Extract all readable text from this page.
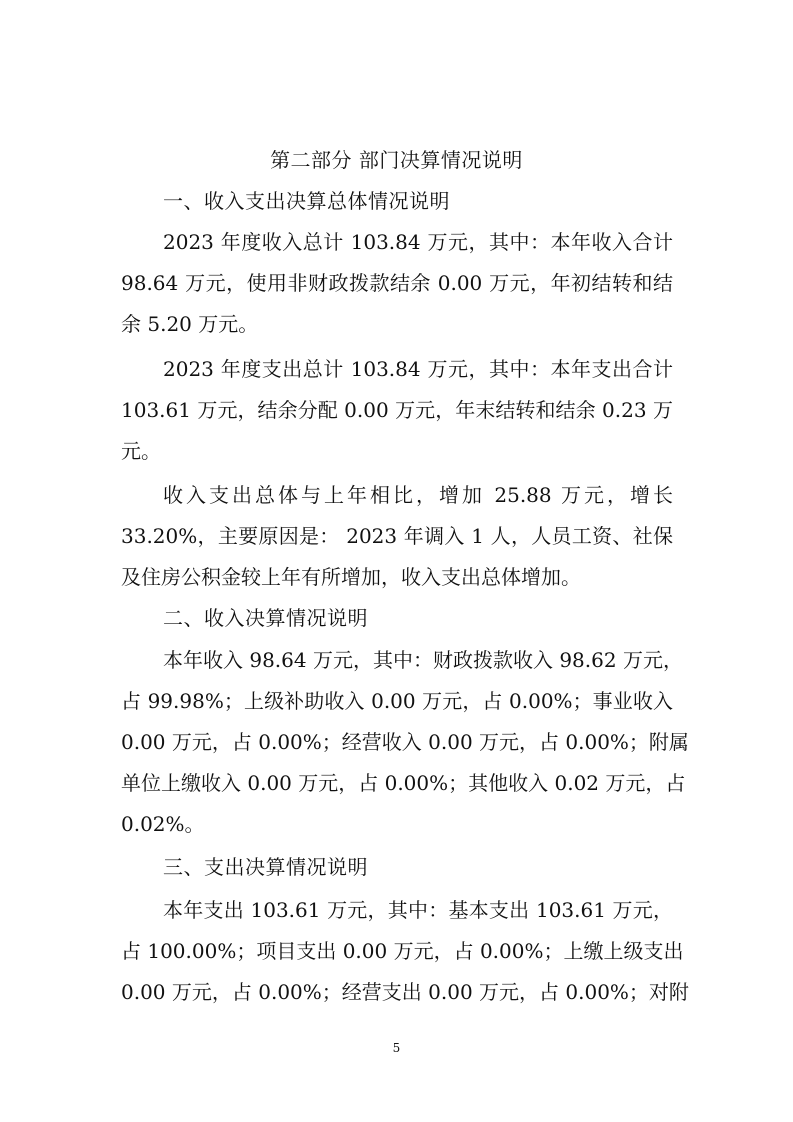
第二部分 部门决算情况说明
一、收入支出决算总体情况说明
2023 年度收入总计 103.84 万元，其中：本年收入合计
98.64 万元，使用非财政拨款结余 0.00 万元，年初结转和结
余 5.20 万元。
2023 年度支出总计 103.84 万元，其中：本年支出合计
103.61 万元，结余分配 0.00 万元，年末结转和结余 0.23 万
元。
收入支出总体与上年相比，增加 25.88 万元，增长
33.20%，主要原因是： 2023 年调入 1 人，人员工资、社保
及住房公积金较上年有所增加，收入支出总体增加。
二、收入决算情况说明
本年收入 98.64 万元，其中：财政拨款收入 98.62 万元，
占 99.98%；上级补助收入 0.00 万元，占 0.00%；事业收入
0.00 万元，占 0.00%；经营收入 0.00 万元，占 0.00%；附属
单位上缴收入 0.00 万元，占 0.00%；其他收入 0.02 万元，占
0.02%。
三、支出决算情况说明
本年支出 103.61 万元，其中：基本支出 103.61 万元，
占 100.00%；项目支出 0.00 万元，占 0.00%；上缴上级支出
0.00 万元，占 0.00%；经营支出 0.00 万元，占 0.00%；对附
5
